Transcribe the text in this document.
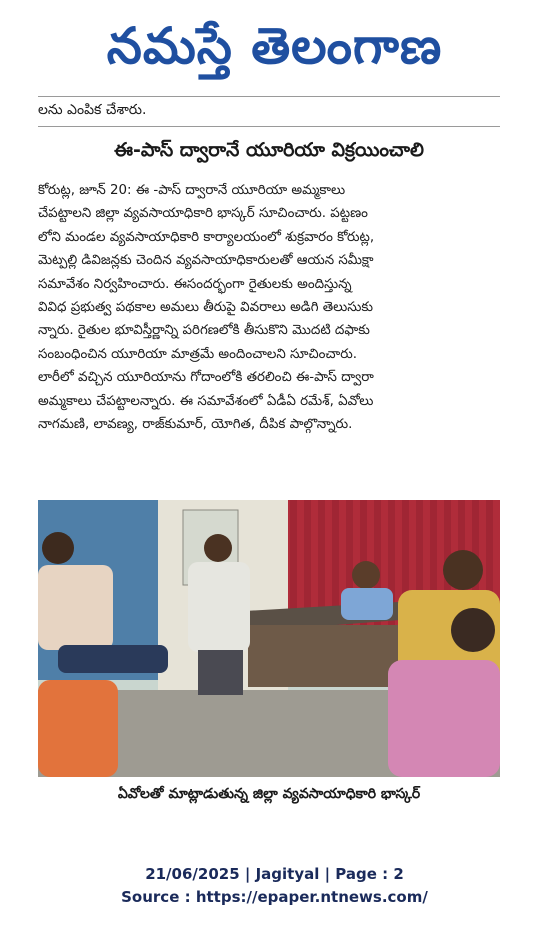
నమస్తే తెలంగాణ
లను ఎంపిక చేశారు.
ఈ-పాస్ ద్వారానే యూరియా విక్రయించాలి
కోరుట్ల, జూన్ 20: ఈ -పాస్ ద్వారానే యూరియా అమ్మకాలు
చేపట్టాలని జిల్లా వ్యవసాయాధికారి భాస్కర్ సూచించారు. పట్టణం
లోని మండల వ్యవసాయాధికారి కార్యాలయంలో శుక్రవారం కోరుట్ల,
మెట్పల్లి డివిజన్లకు చెందిన వ్యవసాయాధికారులతో ఆయన సమీక్షా
సమావేశం నిర్వహించారు. ఈసందర్భంగా రైతులకు అందిస్తున్న
వివిధ ప్రభుత్వ పథకాల అమలు తీరుపై వివరాలు అడిగి తెలుసుకు
న్నారు. రైతుల భూవిస్తీర్ణాన్ని పరిగణలోకి తీసుకొని మొదటి దఫాకు
సంబంధించిన యూరియా మాత్రమే అందించాలని సూచించారు.
లారీలో వచ్చిన యూరియాను గోదాంలోకి తరలించి ఈ-పాస్ ద్వారా
అమ్మకాలు చేపట్టాలన్నారు. ఈ సమావేశంలో ఏడీఏ రమేశ్, ఏవోలు
నాగమణి, లావణ్య, రాజ్‌కుమార్, యోగిత, దీపిక పాల్గొన్నారు.
ఏవోలతో మాట్లాడుతున్న జిల్లా వ్యవసాయాధికారి భాస్కర్
21/06/2025 | Jagityal | Page : 2
Source : https://epaper.ntnews.com/
